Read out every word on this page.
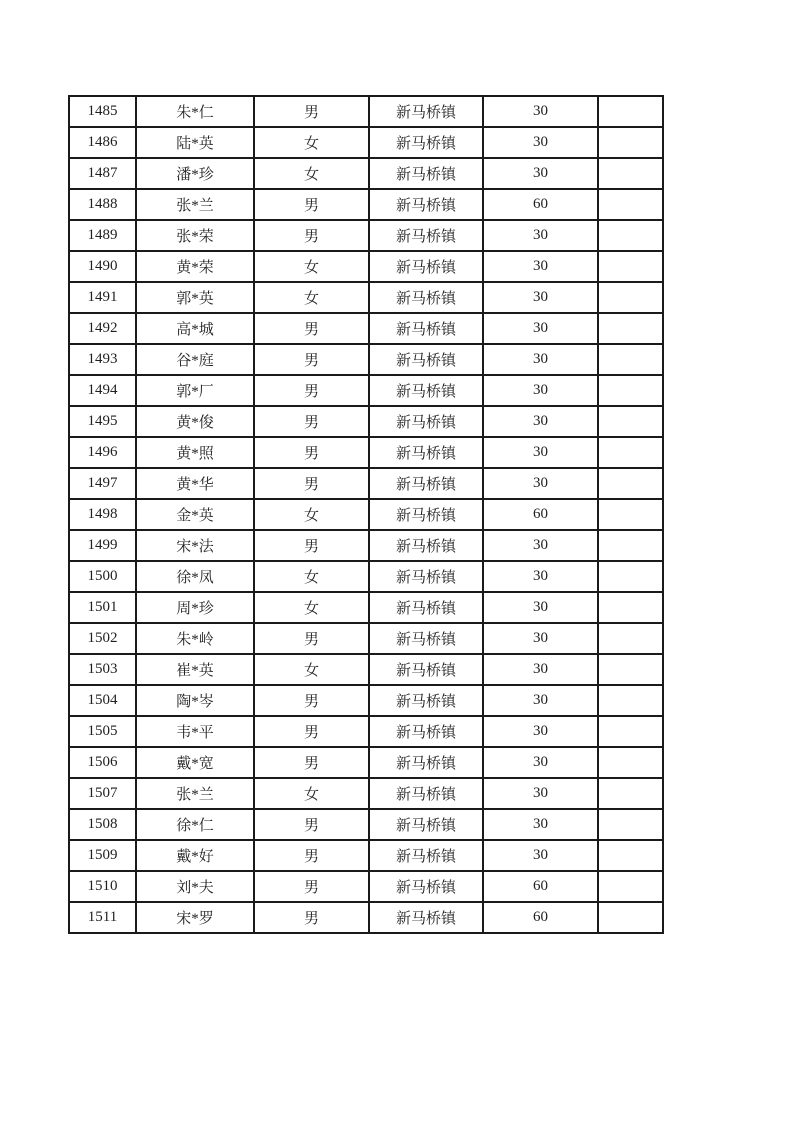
1485	朱*仁	男	新马桥镇	30	
1486	陆*英	女	新马桥镇	30	
1487	潘*珍	女	新马桥镇	30	
1488	张*兰	男	新马桥镇	60	
1489	张*荣	男	新马桥镇	30	
1490	黄*荣	女	新马桥镇	30	
1491	郭*英	女	新马桥镇	30	
1492	高*城	男	新马桥镇	30	
1493	谷*庭	男	新马桥镇	30	
1494	郭*厂	男	新马桥镇	30	
1495	黄*俊	男	新马桥镇	30	
1496	黄*照	男	新马桥镇	30	
1497	黄*华	男	新马桥镇	30	
1498	金*英	女	新马桥镇	60	
1499	宋*法	男	新马桥镇	30	
1500	徐*凤	女	新马桥镇	30	
1501	周*珍	女	新马桥镇	30	
1502	朱*岭	男	新马桥镇	30	
1503	崔*英	女	新马桥镇	30	
1504	陶*岑	男	新马桥镇	30	
1505	韦*平	男	新马桥镇	30	
1506	戴*宽	男	新马桥镇	30	
1507	张*兰	女	新马桥镇	30	
1508	徐*仁	男	新马桥镇	30	
1509	戴*好	男	新马桥镇	30	
1510	刘*夫	男	新马桥镇	60	
1511	宋*罗	男	新马桥镇	60	
